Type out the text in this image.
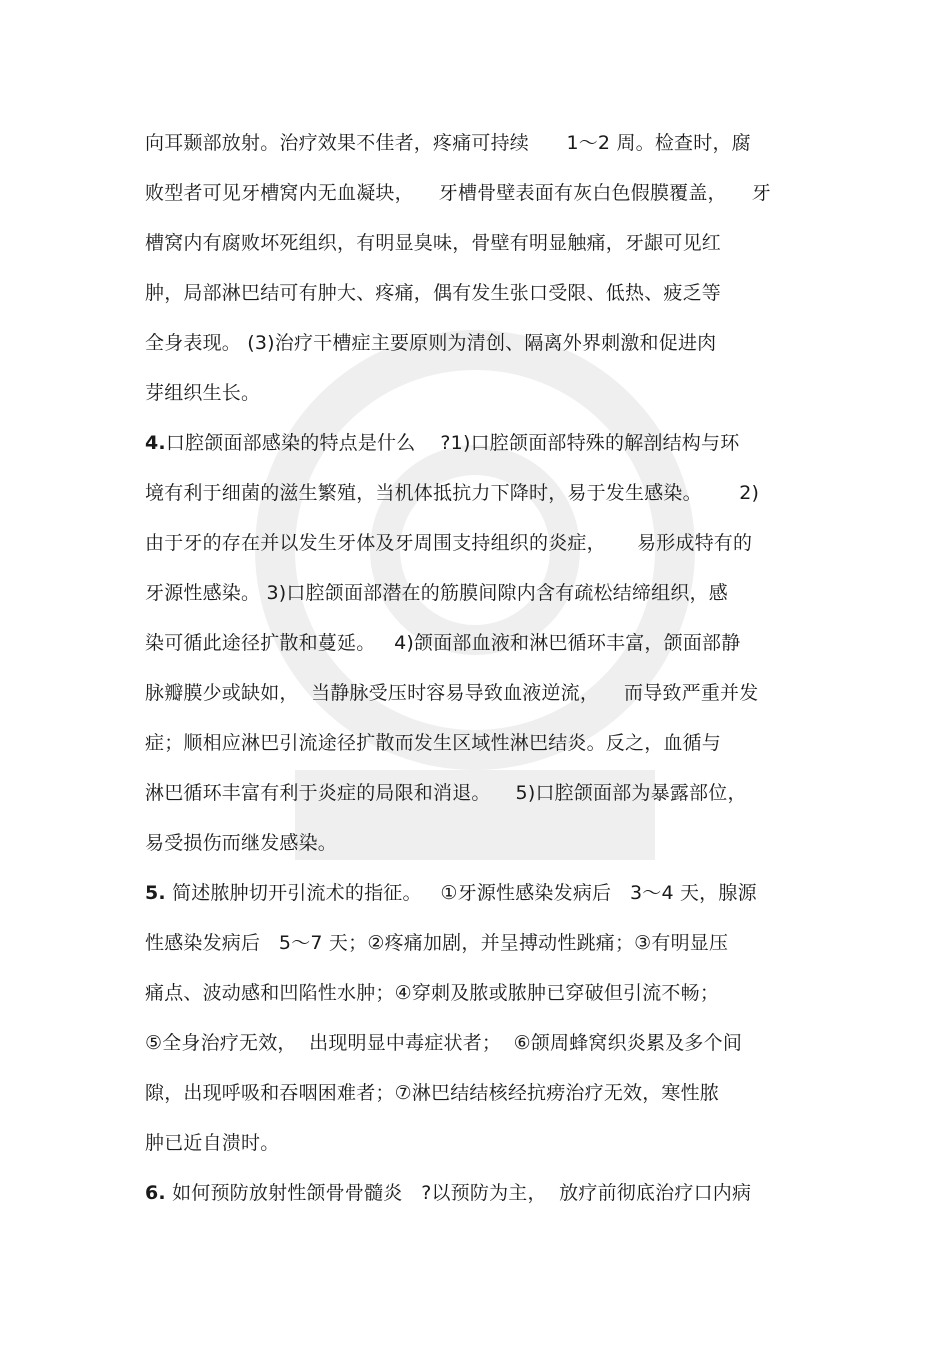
向耳颞部放射。治疗效果不佳者，疼痛可持续      1～2 周。检查时，腐
败型者可见牙槽窝内无血凝块，    牙槽骨壁表面有灰白色假膜覆盖，    牙
槽窝内有腐败坏死组织，有明显臭味，骨壁有明显触痛，牙龈可见红
肿，局部淋巴结可有肿大、疼痛，偶有发生张口受限、低热、疲乏等
全身表现。 (3)治疗干槽症主要原则为清创、隔离外界刺激和促进肉
芽组织生长。
4.口腔颌面部感染的特点是什么    ?1)口腔颌面部特殊的解剖结构与环
境有利于细菌的滋生繁殖，当机体抵抗力下降时，易于发生感染。      2)
由于牙的存在并以发生牙体及牙周围支持组织的炎症，     易形成特有的
牙源性感染。 3)口腔颌面部潜在的筋膜间隙内含有疏松结缔组织，感
染可循此途径扩散和蔓延。   4)颌面部血液和淋巴循环丰富，颌面部静
脉瓣膜少或缺如，  当静脉受压时容易导致血液逆流，    而导致严重并发
症；顺相应淋巴引流途径扩散而发生区域性淋巴结炎。反之，血循与
淋巴循环丰富有利于炎症的局限和消退。    5)口腔颌面部为暴露部位，
易受损伤而继发感染。
5. 简述脓肿切开引流术的指征。   ①牙源性感染发病后   3～4 天，腺源
性感染发病后   5～7 天；②疼痛加剧，并呈搏动性跳痛；③有明显压
痛点、波动感和凹陷性水肿；④穿刺及脓或脓肿已穿破但引流不畅；
⑤全身治疗无效，  出现明显中毒症状者；  ⑥颌周蜂窝织炎累及多个间
隙，出现呼吸和吞咽困难者；⑦淋巴结结核经抗痨治疗无效，寒性脓
肿已近自溃时。
6. 如何预防放射性颌骨骨髓炎   ?以预防为主，  放疗前彻底治疗口内病
